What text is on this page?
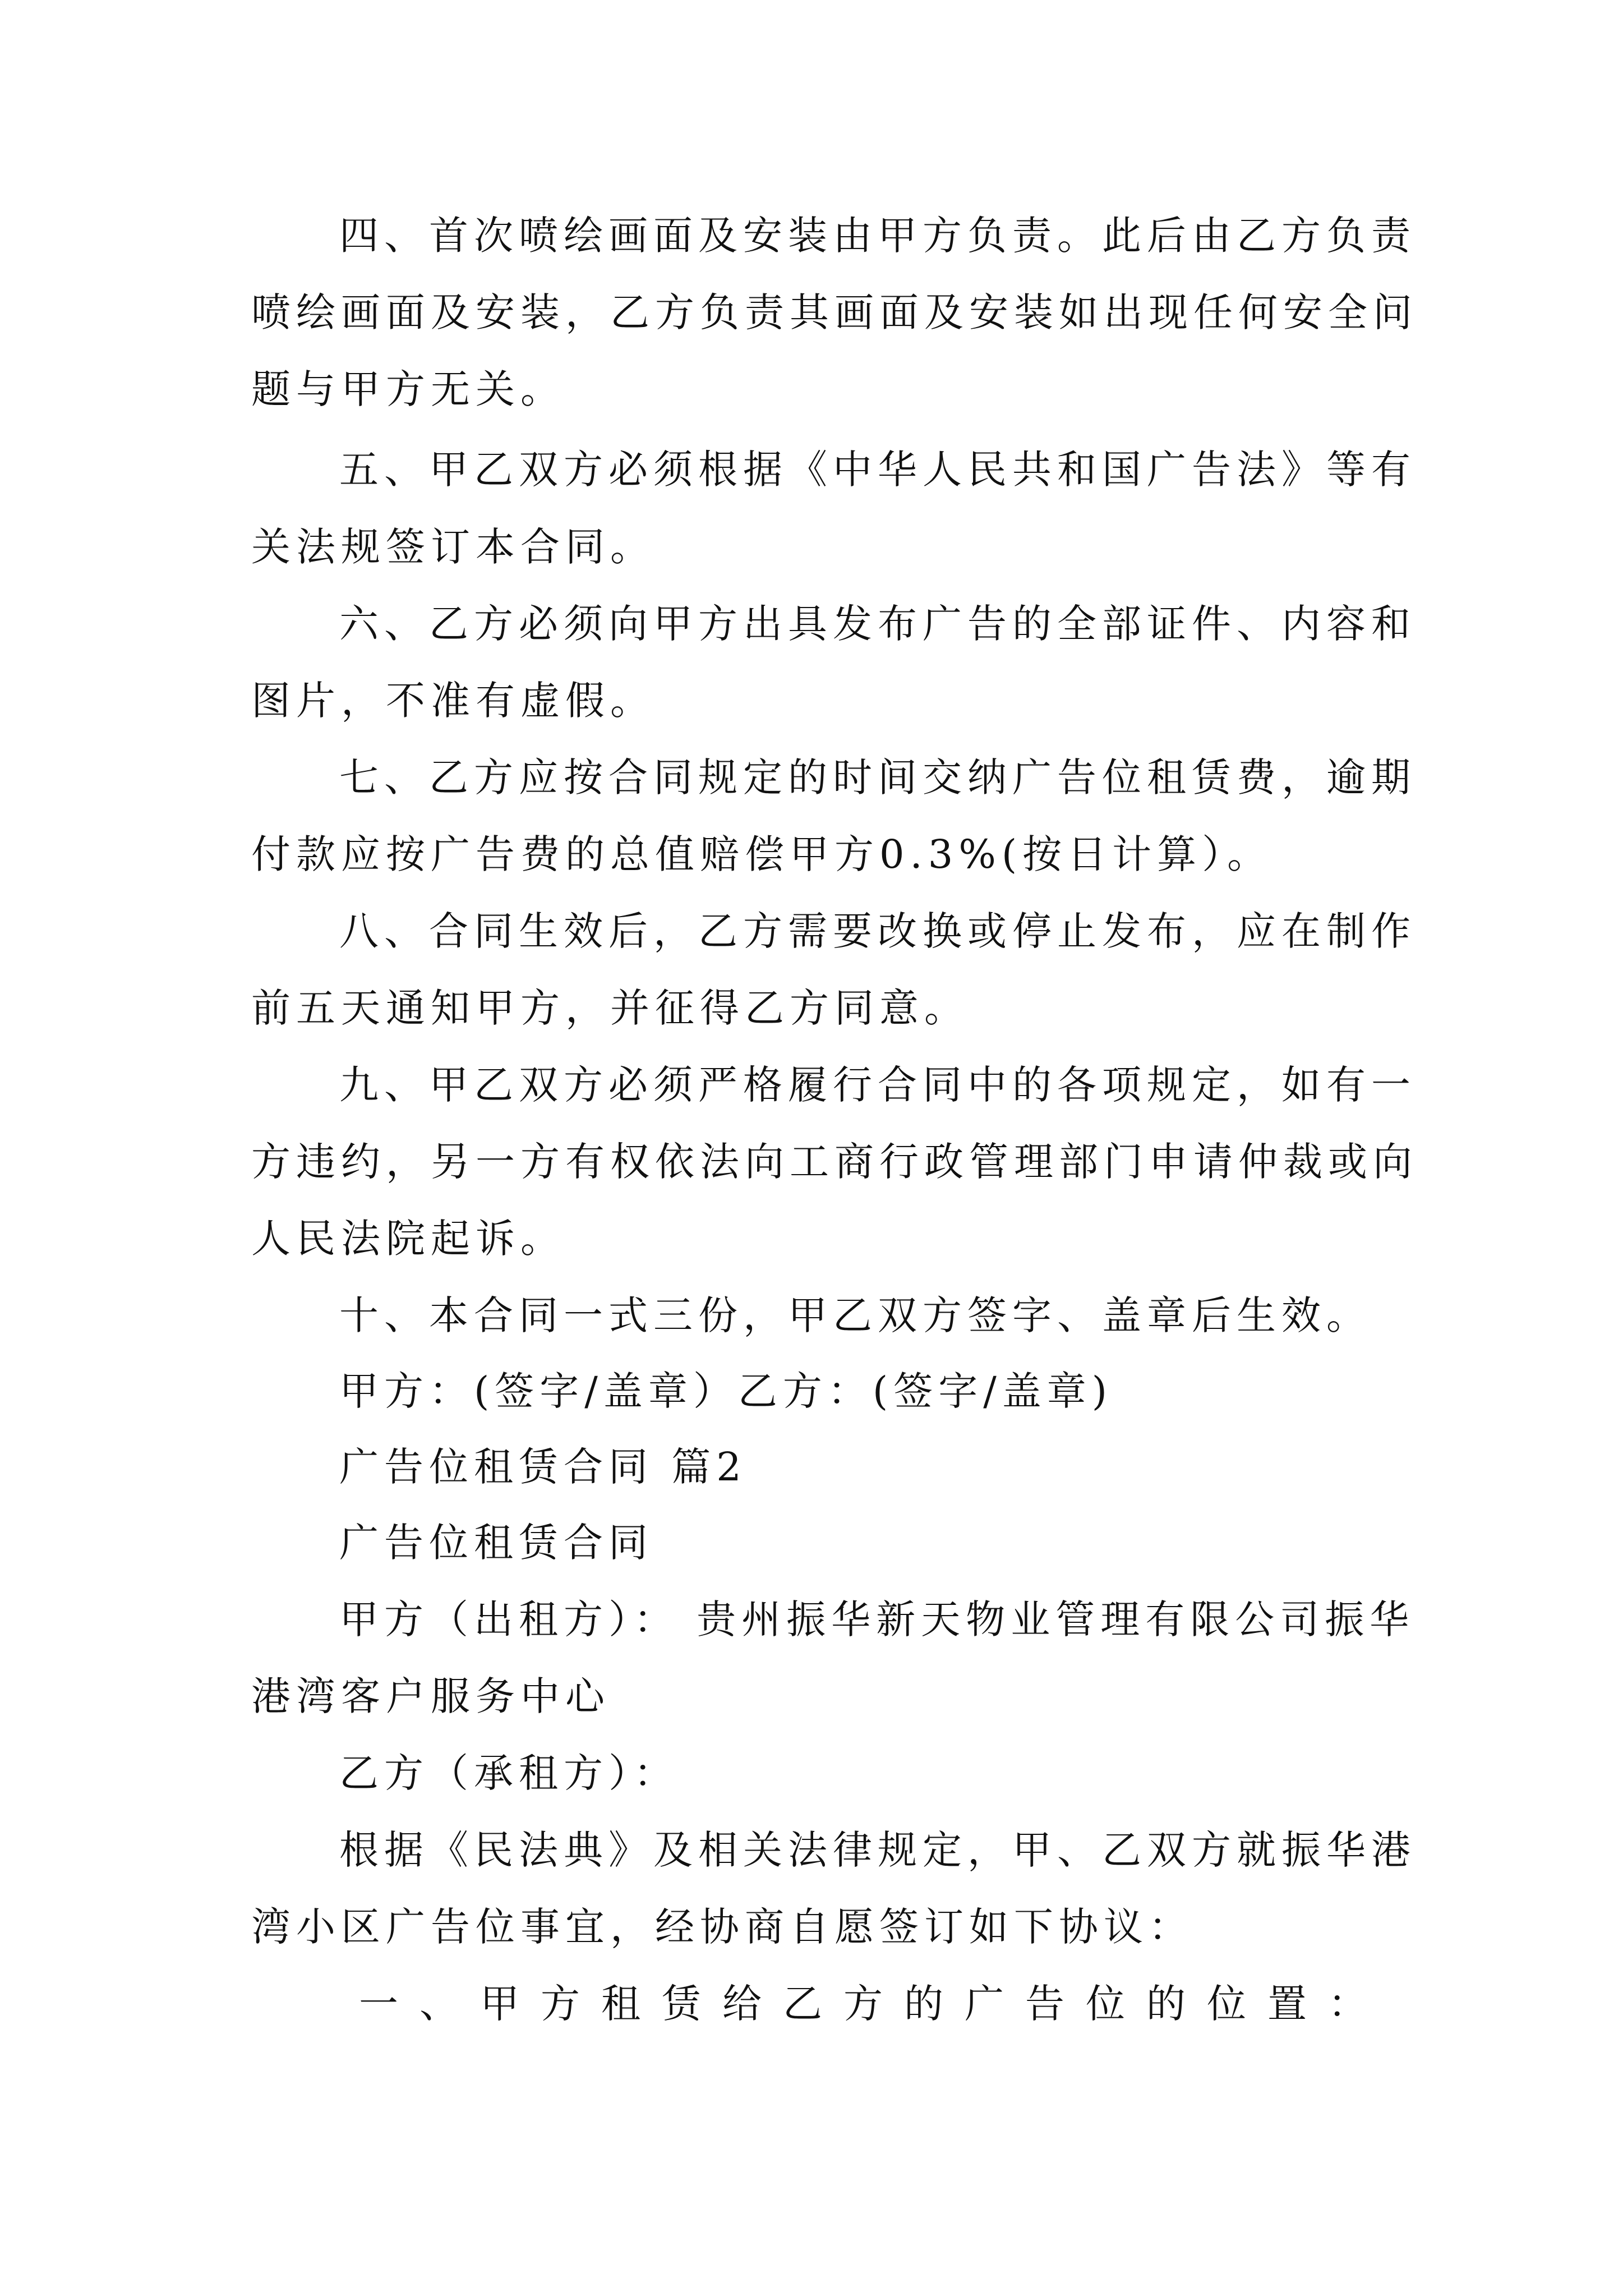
四、首次喷绘画面及安装由甲方负责。此后由乙方负责
喷绘画面及安装，乙方负责其画面及安装如出现任何安全问
题与甲方无关。
五、甲乙双方必须根据《中华人民共和国广告法》等有
关法规签订本合同。
六、乙方必须向甲方出具发布广告的全部证件、内容和
图片，不准有虚假。
七、乙方应按合同规定的时间交纳广告位租赁费，逾期
付款应按广告费的总值赔偿甲方0.3%(按日计算）。
八、合同生效后，乙方需要改换或停止发布，应在制作
前五天通知甲方，并征得乙方同意。
九、甲乙双方必须严格履行合同中的各项规定，如有一
方违约，另一方有权依法向工商行政管理部门申请仲裁或向
人民法院起诉。
十、本合同一式三份，甲乙双方签字、盖章后生效。
甲方：(签字/盖章）乙方：(签字/盖章)
广告位租赁合同 篇2
广告位租赁合同
甲方（出租方）： 贵州振华新天物业管理有限公司振华
港湾客户服务中心
乙方（承租方）：
根据《民法典》及相关法律规定，甲、乙双方就振华港
湾小区广告位事宜，经协商自愿签订如下协议：
一、甲方租赁给乙方的广告位的位置：
